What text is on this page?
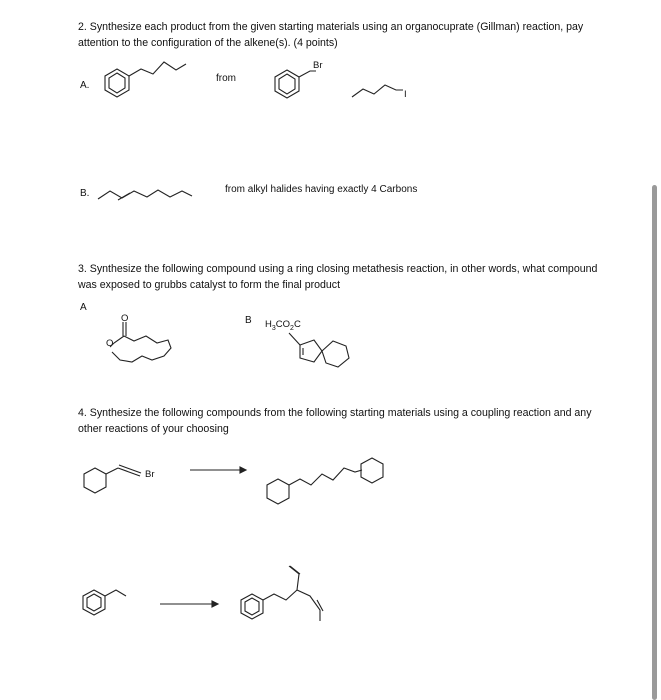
2. Synthesize each product from the given starting materials using an organocuprate (Gillman) reaction, pay attention to the configuration of the alkene(s). (4 points)
A.
from
Br
I
B.	from alkyl halides having exactly 4 Carbons
3. Synthesize the following compound using a ring closing metathesis reaction, in other words, what compound was exposed to grubbs catalyst to form the final product
A
B
O
O
$H_3CO_2C$
4. Synthesize the following compounds from the following starting materials using a coupling reaction and any other reactions of your choosing
Br
